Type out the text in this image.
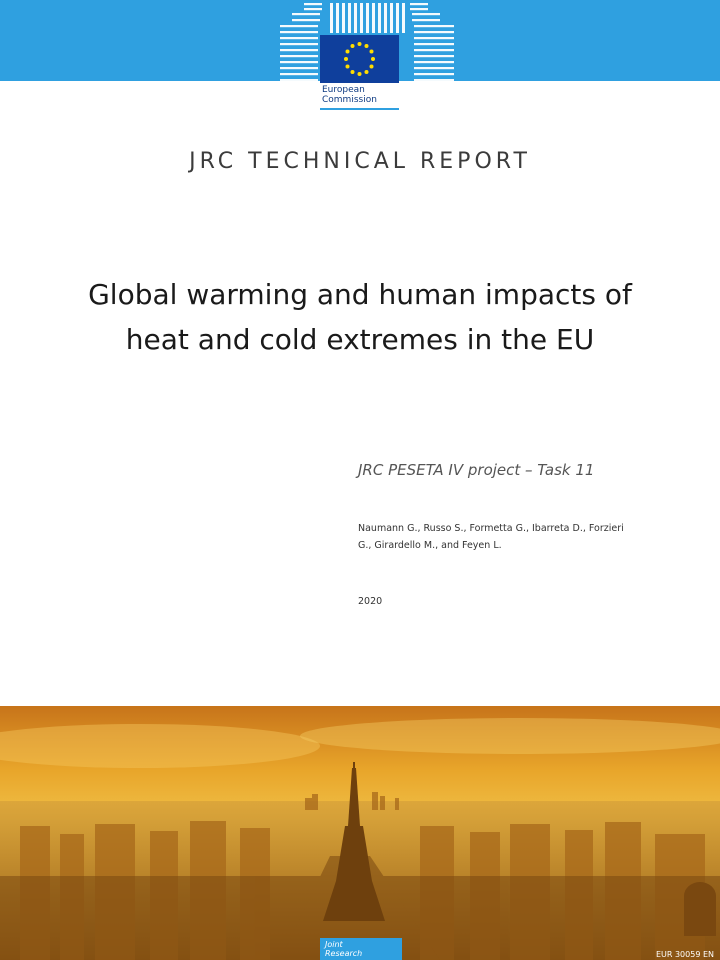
European
Commission
JRC TECHNICAL REPORT
Global warming and human impacts of
heat and cold extremes in the EU
JRC PESETA IV project – Task 11
Naumann G., Russo S., Formetta G., Ibarreta D., Forzieri
G., Girardello M., and Feyen L.
2020
Joint
Research	EUR 30059 EN
